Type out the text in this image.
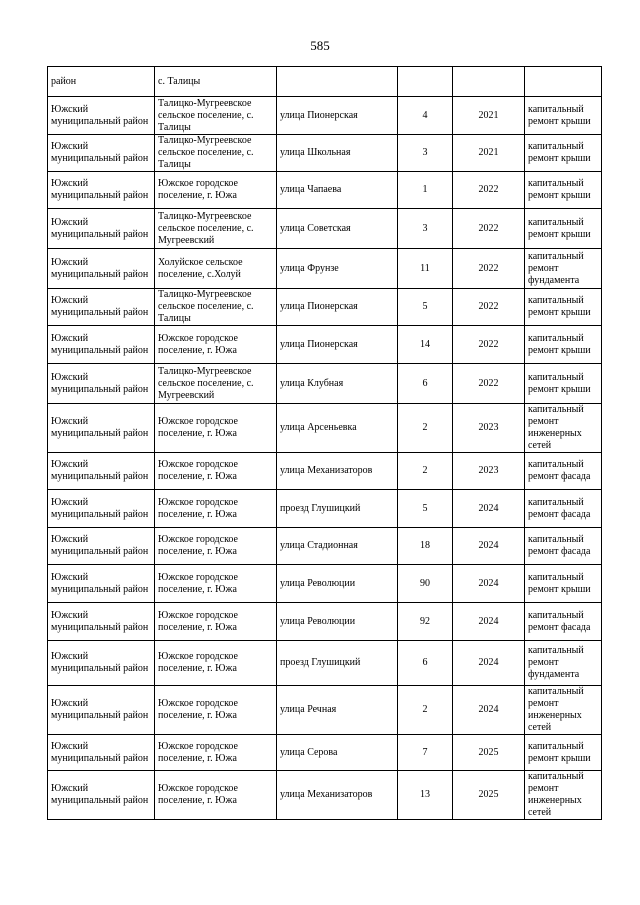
585
район	с. Талицы				
Южский муниципальный район	Талицко-Мугреевское сельское поселение, с. Талицы	улица Пионерская	4	2021	капитальный ремонт крыши
Южский муниципальный район	Талицко-Мугреевское сельское поселение, с. Талицы	улица Школьная	3	2021	капитальный ремонт крыши
Южский муниципальный район	Южское городское поселение, г. Южа	улица Чапаева	1	2022	капитальный ремонт крыши
Южский муниципальный район	Талицко-Мугреевское сельское поселение, с. Мугреевский	улица Советская	3	2022	капитальный ремонт крыши
Южский муниципальный район	Холуйское сельское поселение, с.Холуй	улица Фрунзе	11	2022	капитальный ремонт фундамента
Южский муниципальный район	Талицко-Мугреевское сельское поселение, с. Талицы	улица Пионерская	5	2022	капитальный ремонт крыши
Южский муниципальный район	Южское городское поселение, г. Южа	улица Пионерская	14	2022	капитальный ремонт крыши
Южский муниципальный район	Талицко-Мугреевское сельское поселение, с. Мугреевский	улица Клубная	6	2022	капитальный ремонт крыши
Южский муниципальный район	Южское городское поселение, г. Южа	улица Арсеньевка	2	2023	капитальный ремонт инженерных сетей
Южский муниципальный район	Южское городское поселение, г. Южа	улица Механизаторов	2	2023	капитальный ремонт фасада
Южский муниципальный район	Южское городское поселение, г. Южа	проезд Глушицкий	5	2024	капитальный ремонт фасада
Южский муниципальный район	Южское городское поселение, г. Южа	улица Стадионная	18	2024	капитальный ремонт фасада
Южский муниципальный район	Южское городское поселение, г. Южа	улица Революции	90	2024	капитальный ремонт крыши
Южский муниципальный район	Южское городское поселение, г. Южа	улица Революции	92	2024	капитальный ремонт фасада
Южский муниципальный район	Южское городское поселение, г. Южа	проезд Глушицкий	6	2024	капитальный ремонт фундамента
Южский муниципальный район	Южское городское поселение, г. Южа	улица Речная	2	2024	капитальный ремонт инженерных сетей
Южский муниципальный район	Южское городское поселение, г. Южа	улица Серова	7	2025	капитальный ремонт крыши
Южский муниципальный район	Южское городское поселение, г. Южа	улица Механизаторов	13	2025	капитальный ремонт инженерных сетей
